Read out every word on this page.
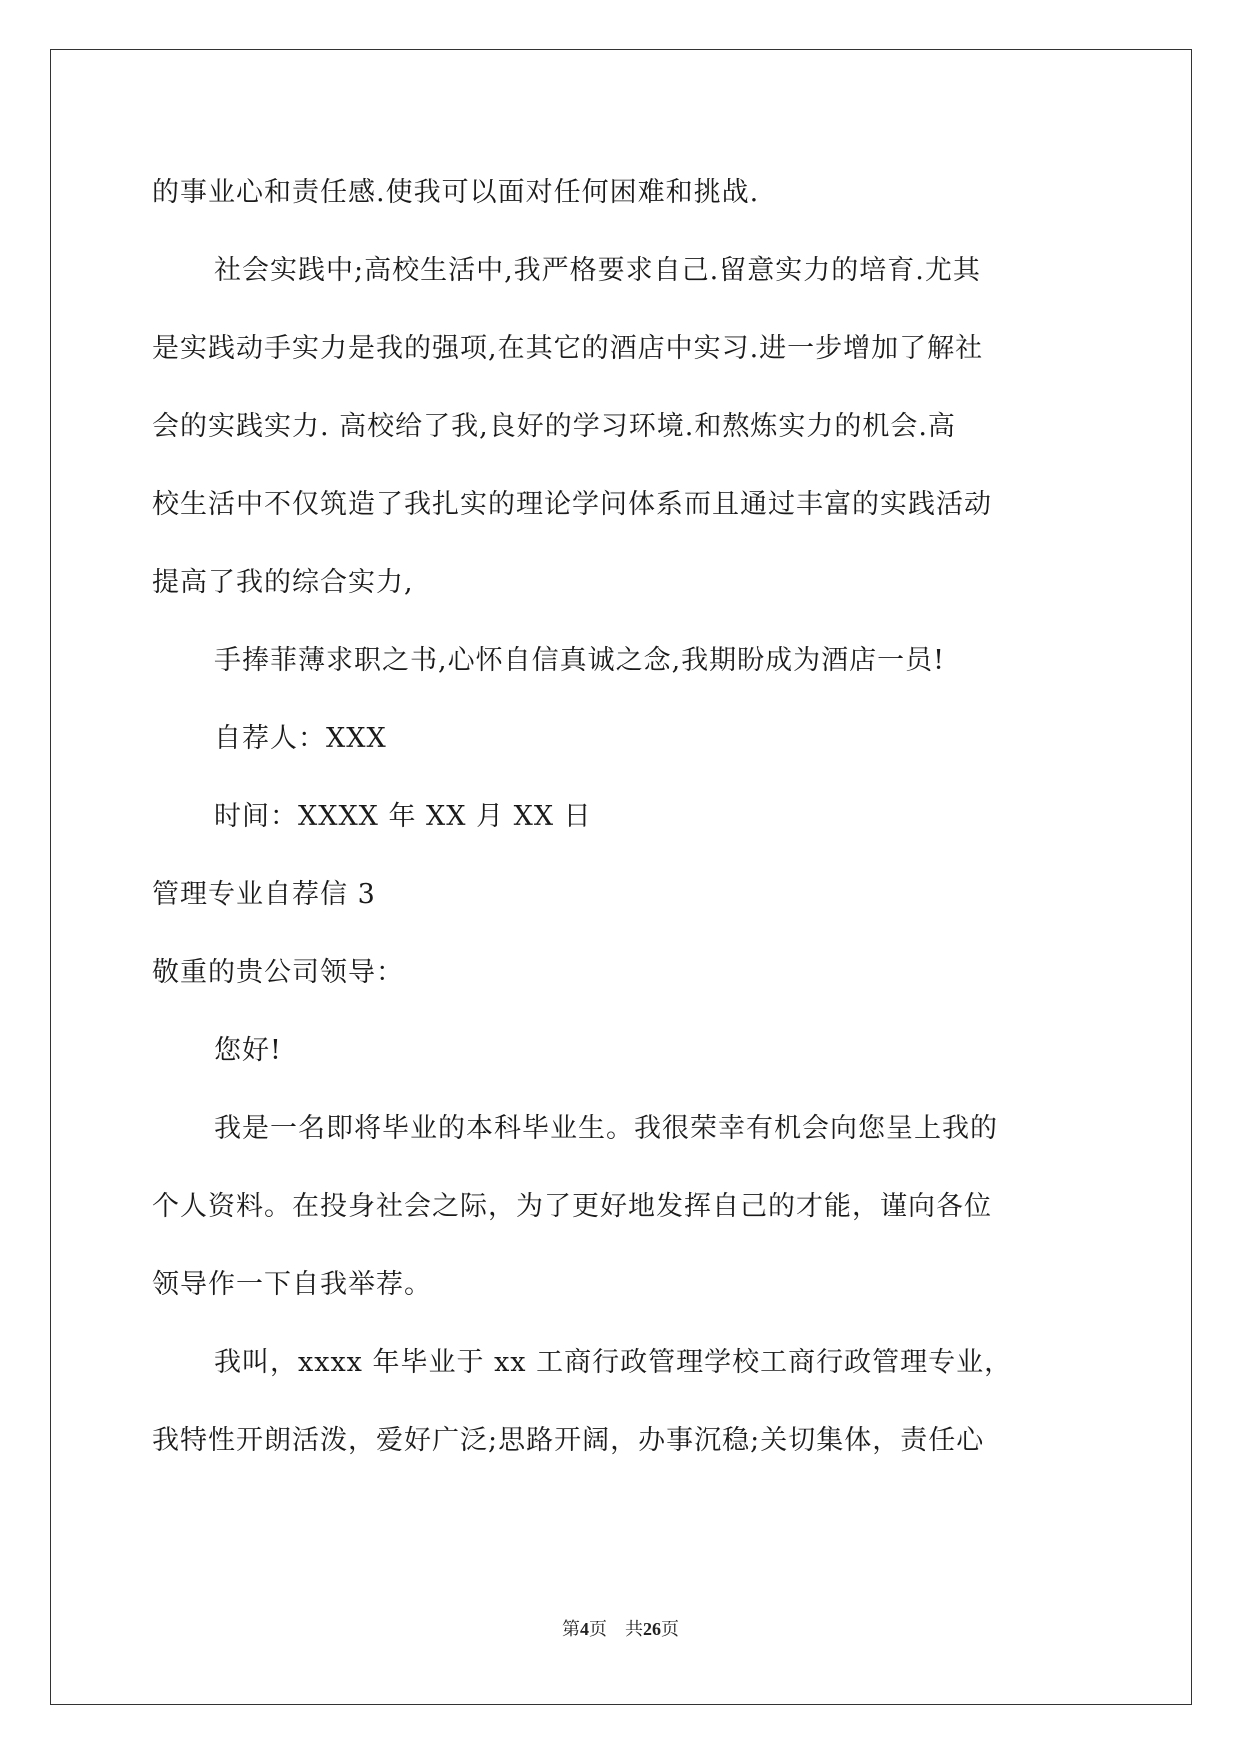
的事业心和责任感.使我可以面对任何困难和挑战.
社会实践中;高校生活中,我严格要求自己.留意实力的培育.尤其
是实践动手实力是我的强项,在其它的酒店中实习.进一步增加了解社
会的实践实力. 高校给了我,良好的学习环境.和熬炼实力的机会.高
校生活中不仅筑造了我扎实的理论学问体系而且通过丰富的实践活动
提高了我的综合实力,
手捧菲薄求职之书,心怀自信真诚之念,我期盼成为酒店一员!
自荐人：XXX
时间：XXXX 年 XX 月 XX 日
管理专业自荐信 3
敬重的贵公司领导：
您好!
我是一名即将毕业的本科毕业生。我很荣幸有机会向您呈上我的
个人资料。在投身社会之际，为了更好地发挥自己的才能，谨向各位
领导作一下自我举荐。
我叫，xxxx 年毕业于 xx 工商行政管理学校工商行政管理专业，
我特性开朗活泼，爱好广泛;思路开阔，办事沉稳;关切集体，责任心
第4页 共26页
